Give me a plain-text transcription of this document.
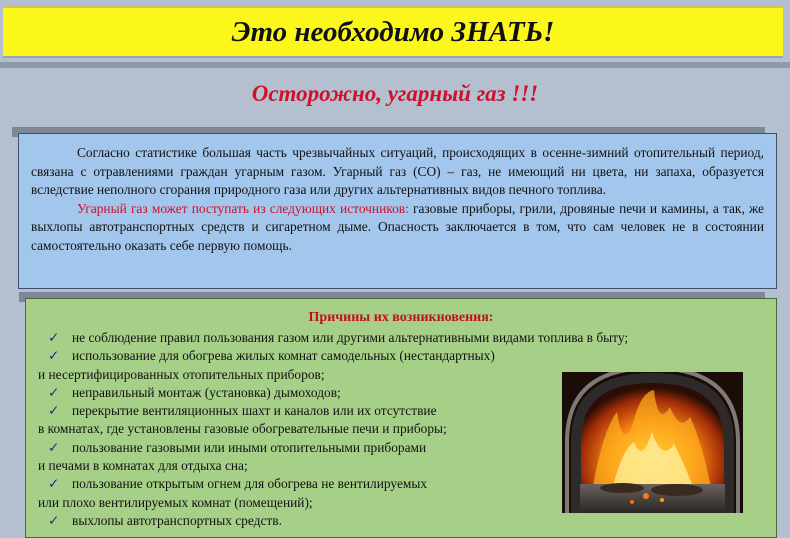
Это необходимо ЗНАТЬ!
Осторожно, угарный газ !!!

Согласно статистике большая часть чрезвычайных ситуаций, происходящих в осенне-зимний отопительный период, связана с отравлениями граждан угарным газом. Угарный газ (СО) – газ, не имеющий ни цвета, ни запаха, образуется вследствие неполного сгорания природного газа или других альтернативных видов печного топлива.

Угарный газ может поступать из следующих источников: газовые приборы, грили, дровяные печи и камины, а так, же выхлопы автотранспортных средств и сигаретном дыме. Опасность заключается в том, что сам человек не в состоянии самостоятельно оказать себе первую помощь.

Причины их возникновения:
✓ не соблюдение правил пользования газом или другими альтернативными видами топлива в быту;
✓ использование для обогрева жилых комнат самодельных (нестандартных)
и несертифицированных отопительных приборов;
✓ неправильный монтаж (установка) дымоходов;
✓ перекрытие вентиляционных шахт и каналов или их отсутствие
в комнатах, где установлены газовые обогревательные печи и приборы;
✓ пользование газовыми или иными отопительными приборами
и печами в комнатах для отдыха сна;
✓ пользование открытым огнем для обогрева не вентилируемых
или плохо вентилируемых комнат (помещений);
✓ выхлопы автотранспортных средств.
